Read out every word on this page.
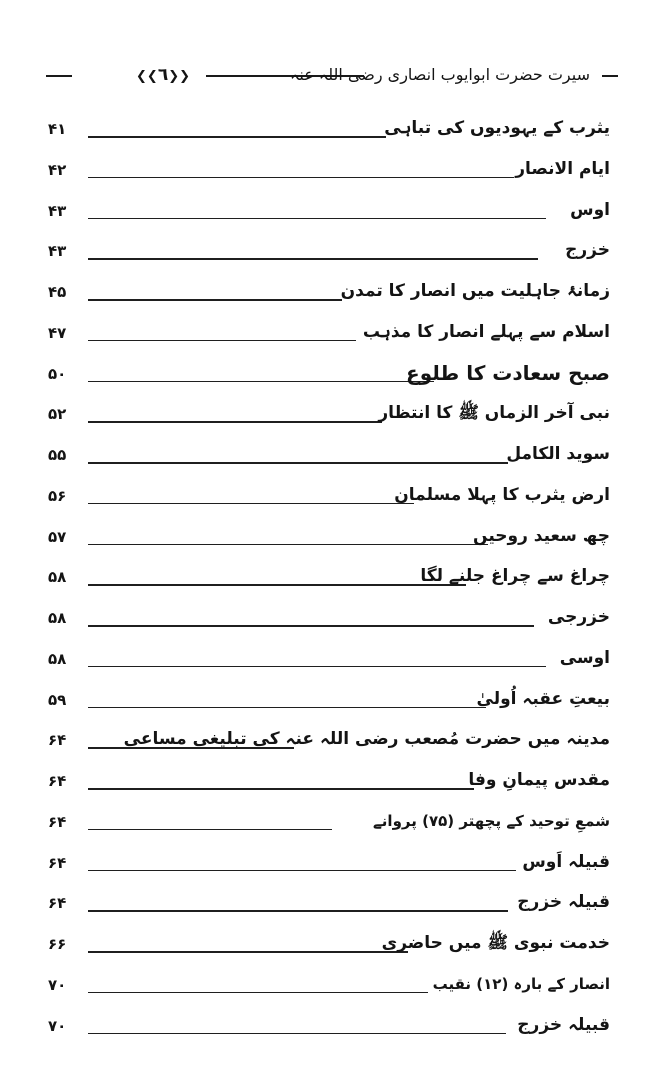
❮❮٦❯❯	سیرت حضرت ابوایوب انصاری رضی اللہ عنہ
۴۱	یثرب کے یہودیوں کی تباہی
۴۲	ایام الانصار
۴۳	اوس
۴۳	خزرج
۴۵	زمانۂ جاہلیت میں انصار کا تمدن
۴۷	اسلام سے پہلے انصار کا مذہب
۵۰	صبح سعادت کا طلوع
۵۲	نبی آخر الزماں ﷺ کا انتظار
۵۵	سوید الکامل
۵۶	ارض یثرب کا پہلا مسلمان
۵۷	چھ سعید روحیں
۵۸	چراغ سے چراغ جلنے لگا
۵۸	خزرجی
۵۸	اوسی
۵۹	بیعتِ عقبہ اُولیٰ
۶۴	مدینہ میں حضرت مُصعب رضی اللہ عنہ کی تبلیغی مساعی
۶۴	مقدس پیمانِ وفا
۶۴	شمعِ توحید کے پچھتر (۷۵) پروانے
۶۴	قبیلہ اَوس
۶۴	قبیلہ خزرج
۶۶	خدمت نبوی ﷺ میں حاضری
۷۰	انصار کے بارہ (۱۲) نقیب
۷۰	قبیلہ خزرج
